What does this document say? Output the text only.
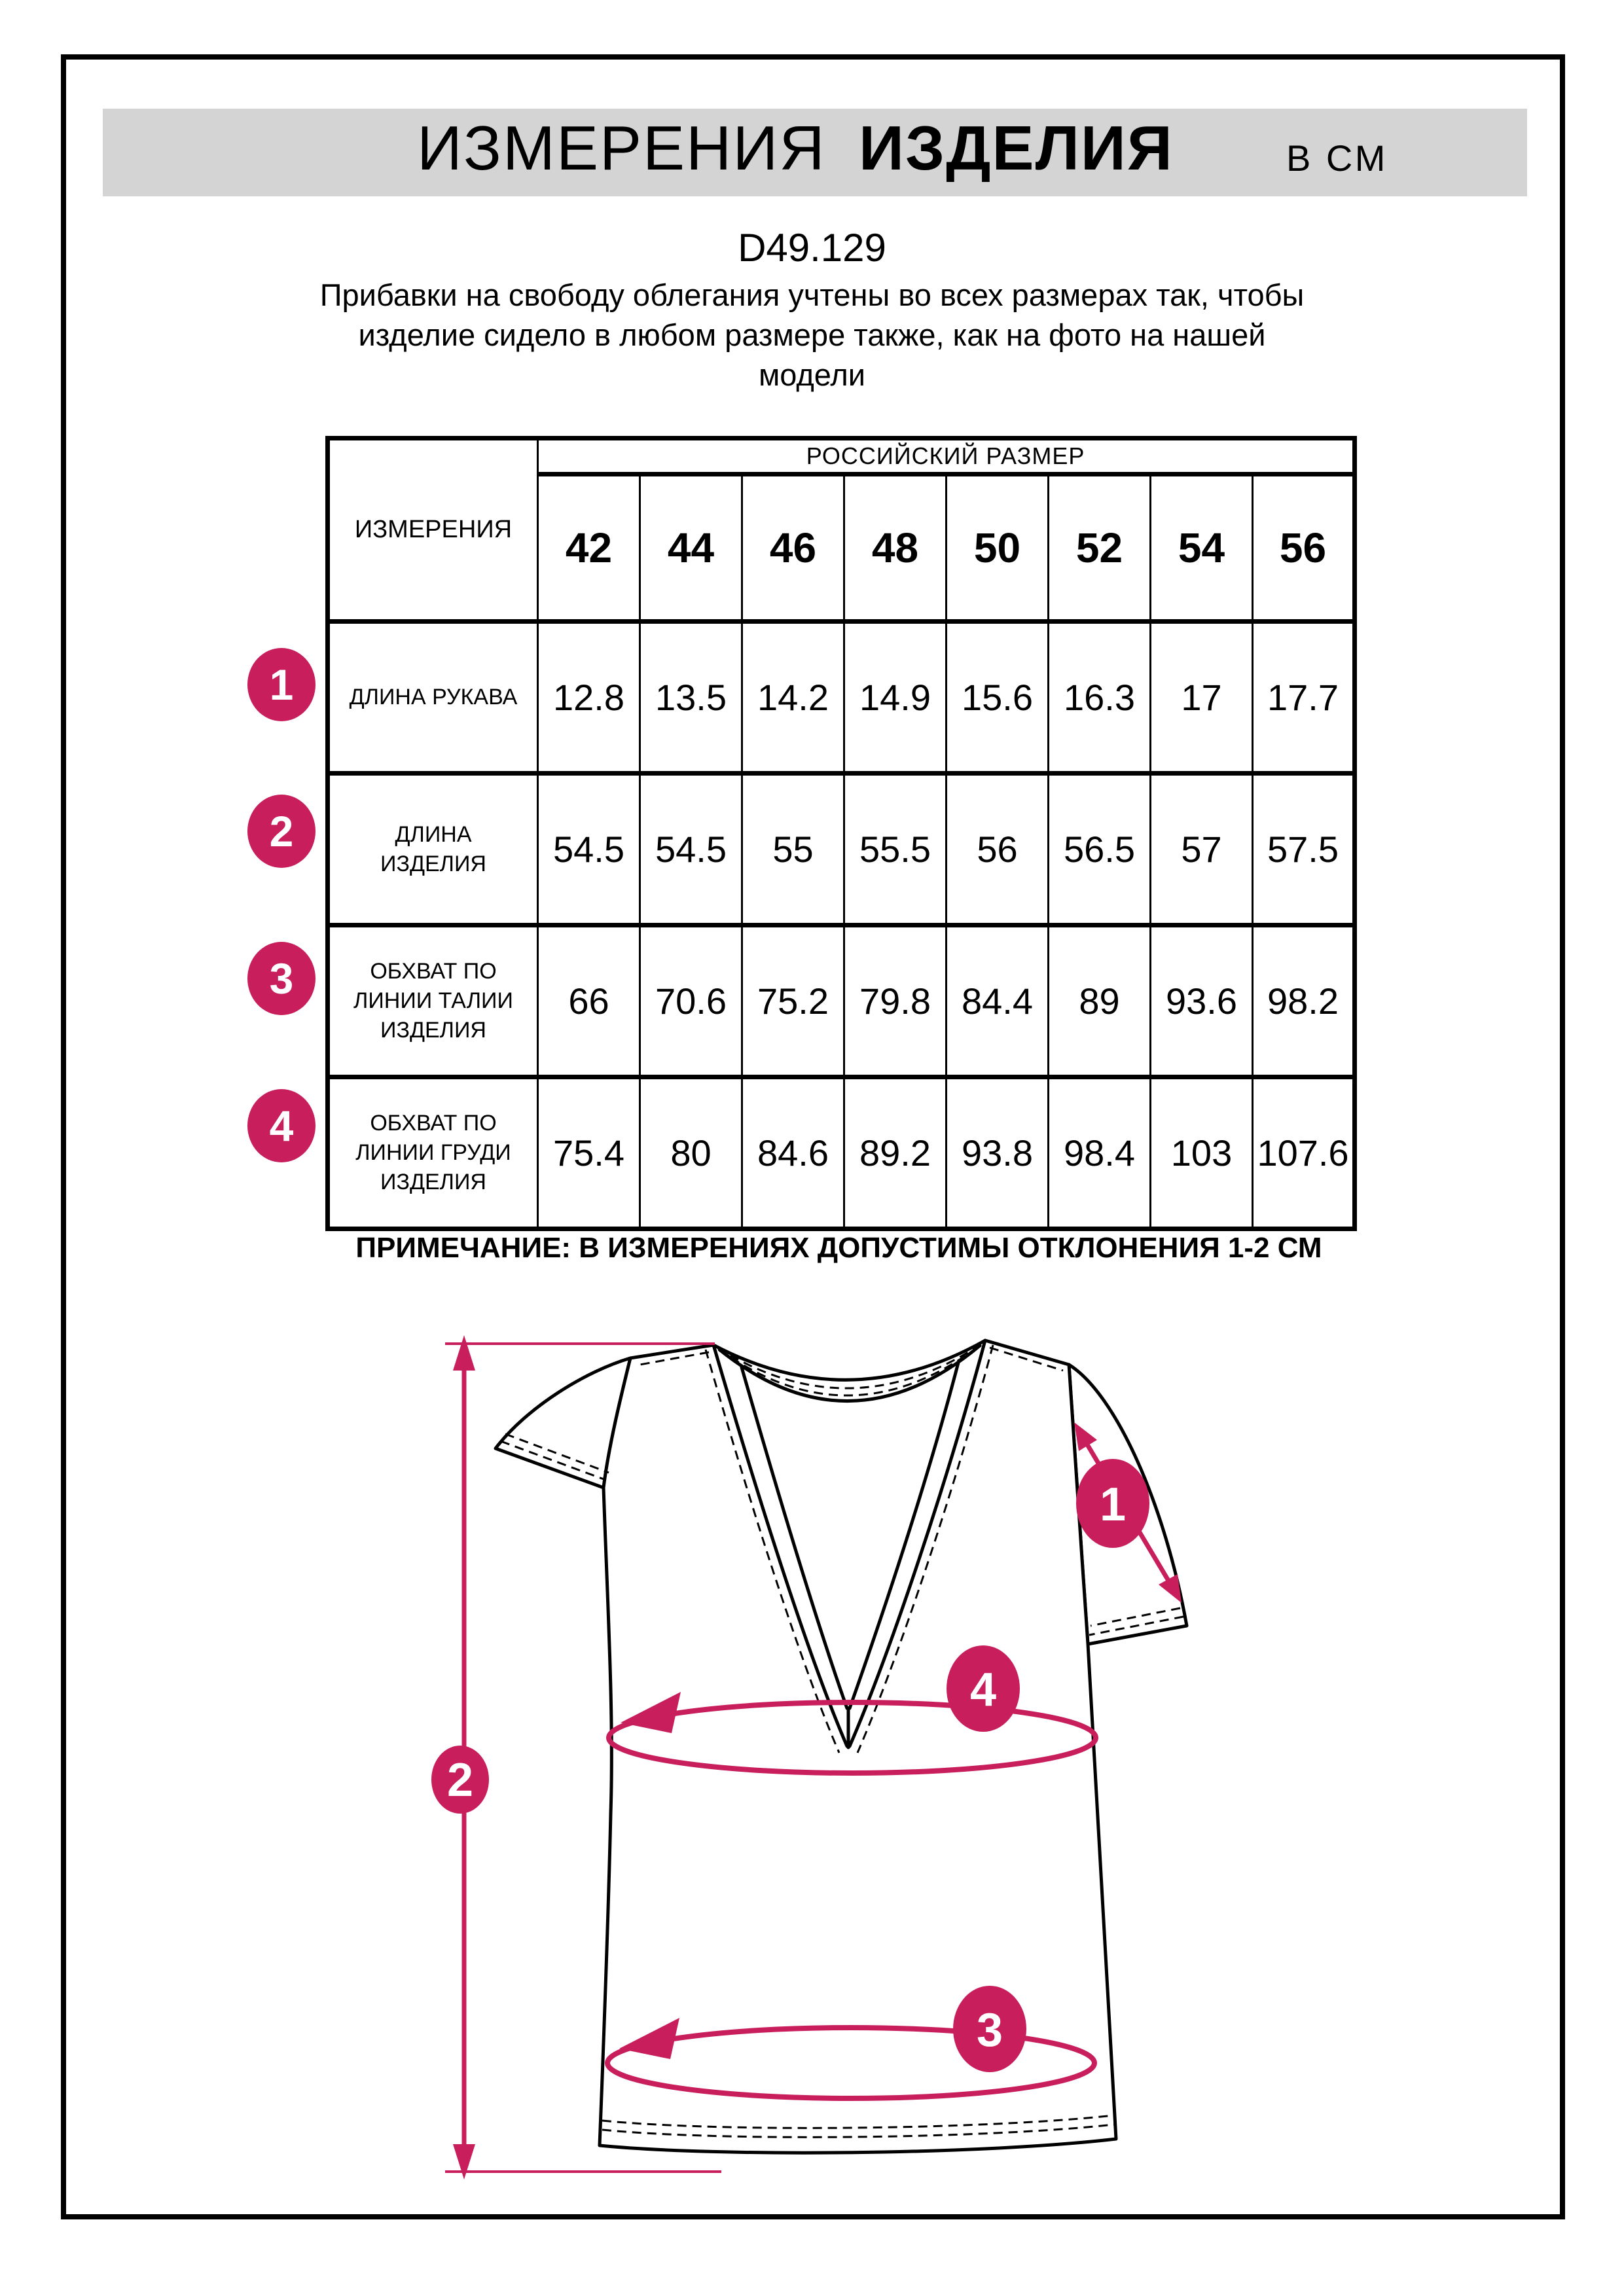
ИЗМЕРЕНИЯ ИЗДЕЛИЯ	В СМ
D49.129
Прибавки на свободу облегания учтены во всех размерах так, чтобы
изделие сидело в любом размере также, как на фото на нашей
модели
ИЗМЕРЕНИЯ	РОССИЙСКИЙ РАЗМЕР							
	42	44	46	48	50	52	54	56

ДЛИНА РУКАВА	12.8	13.5	14.2	14.9	15.6	16.3	17	17.7

ДЛИНА
ИЗДЕЛИЯ	54.5	54.5	55	55.5	56	56.5	57	57.5

ОБХВАТ ПО
ЛИНИИ ТАЛИИ
ИЗДЕЛИЯ	66	70.6	75.2	79.8	84.4	89	93.6	98.2

ОБХВАТ ПО
ЛИНИИ ГРУДИ
ИЗДЕЛИЯ	75.4	80	84.6	89.2	93.8	98.4	103	107.6
1
2
3
4
ПРИМЕЧАНИЕ: В ИЗМЕРЕНИЯХ ДОПУСТИМЫ ОТКЛОНЕНИЯ 1-2 СМ
1
2
4
3
